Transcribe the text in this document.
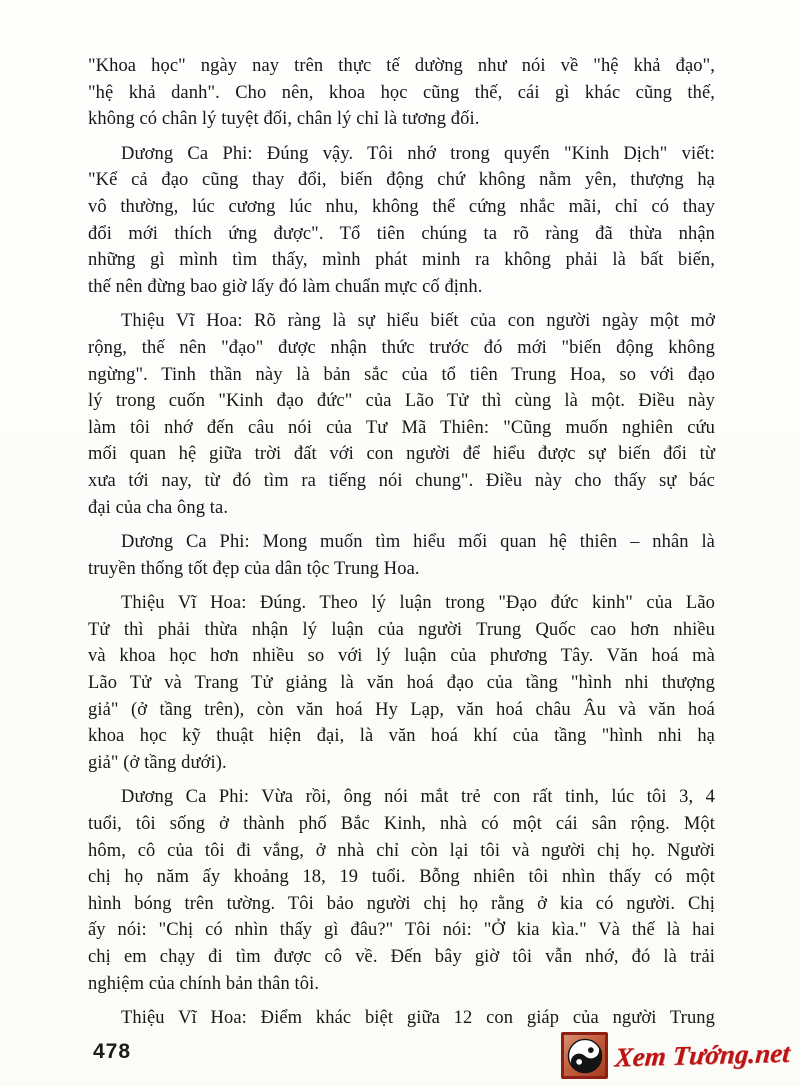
"Khoa học" ngày nay trên thực tế dường như nói về "hệ khả đạo",
"hệ khả danh". Cho nên, khoa học cũng thế, cái gì khác cũng thế,
không có chân lý tuyệt đối, chân lý chỉ là tương đối.

Dương Ca Phi: Đúng vậy. Tôi nhớ trong quyển "Kinh Dịch" viết:
"Kể cả đạo cũng thay đổi, biến động chứ không nằm yên, thượng hạ
vô thường, lúc cương lúc nhu, không thể cứng nhắc mãi, chỉ có thay
đổi mới thích ứng được". Tổ tiên chúng ta rõ ràng đã thừa nhận
những gì mình tìm thấy, mình phát minh ra không phải là bất biến,
thế nên đừng bao giờ lấy đó làm chuẩn mực cố định.

Thiệu Vĩ Hoa: Rõ ràng là sự hiểu biết của con người ngày một mở
rộng, thế nên "đạo" được nhận thức trước đó mới "biến động không
ngừng". Tinh thần này là bản sắc của tổ tiên Trung Hoa, so với đạo
lý trong cuốn "Kinh đạo đức" của Lão Tử thì cùng là một. Điều này
làm tôi nhớ đến câu nói của Tư Mã Thiên: "Cũng muốn nghiên cứu
mối quan hệ giữa trời đất với con người để hiểu được sự biến đổi từ
xưa tới nay, từ đó tìm ra tiếng nói chung". Điều này cho thấy sự bác
đại của cha ông ta.

Dương Ca Phi: Mong muốn tìm hiểu mối quan hệ thiên – nhân là
truyền thống tốt đẹp của dân tộc Trung Hoa.

Thiệu Vĩ Hoa: Đúng. Theo lý luận trong "Đạo đức kinh" của Lão
Tử thì phải thừa nhận lý luận của người Trung Quốc cao hơn nhiều
và khoa học hơn nhiều so với lý luận của phương Tây. Văn hoá mà
Lão Tử và Trang Tử giảng là văn hoá đạo của tầng "hình nhi thượng
giả" (ở tầng trên), còn văn hoá Hy Lạp, văn hoá châu Âu và văn hoá
khoa học kỹ thuật hiện đại, là văn hoá khí của tầng "hình nhi hạ
giả" (ở tầng dưới).

Dương Ca Phi: Vừa rồi, ông nói mắt trẻ con rất tinh, lúc tôi 3, 4
tuổi, tôi sống ở thành phố Bắc Kinh, nhà có một cái sân rộng. Một
hôm, cô của tôi đi vắng, ở nhà chỉ còn lại tôi và người chị họ. Người
chị họ năm ấy khoảng 18, 19 tuổi. Bỗng nhiên tôi nhìn thấy có một
hình bóng trên tường. Tôi bảo người chị họ rằng ở kia có người. Chị
ấy nói: "Chị có nhìn thấy gì đâu?" Tôi nói: "Ở kia kìa." Và thế là hai
chị em chạy đi tìm được cô về. Đến bây giờ tôi vẫn nhớ, đó là trải
nghiệm của chính bản thân tôi.

Thiệu Vĩ Hoa: Điểm khác biệt giữa 12 con giáp của người Trung

478	Xem Tướng.net
